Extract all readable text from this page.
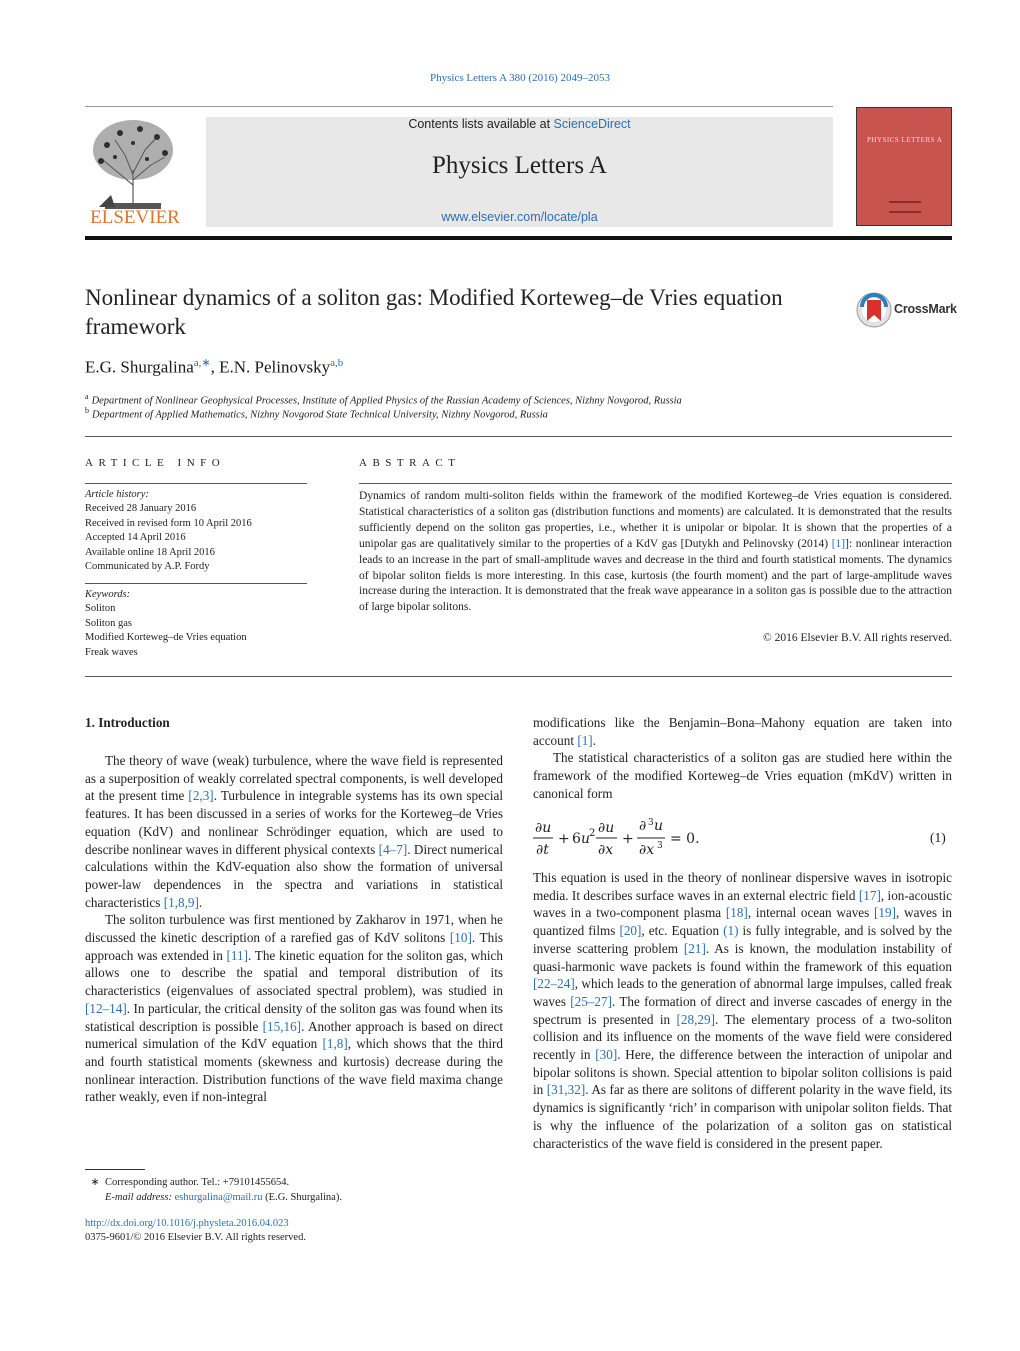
Physics Letters A 380 (2016) 2049–2053
ELSEVIER
Contents lists available at ScienceDirect
Physics Letters A
www.elsevier.com/locate/pla
PHYSICS LETTERS A
Nonlinear dynamics of a soliton gas: Modified Korteweg–de Vries equation framework
CrossMark
E.G. Shurgalina$^{a,∗}$, E.N. Pelinovsky$^{a,b}$
$^a$ Department of Nonlinear Geophysical Processes, Institute of Applied Physics of the Russian Academy of Sciences, Nizhny Novgorod, Russia
$^b$ Department of Applied Mathematics, Nizhny Novgorod State Technical University, Nizhny Novgorod, Russia
ARTICLE INFO	ABSTRACT
Article history:
Received 28 January 2016
Received in revised form 10 April 2016
Accepted 14 April 2016
Available online 18 April 2016
Communicated by A.P. Fordy
Keywords:
Soliton
Soliton gas
Modified Korteweg–de Vries equation
Freak waves
Dynamics of random multi-soliton fields within the framework of the modified Korteweg–de Vries equation is considered. Statistical characteristics of a soliton gas (distribution functions and moments) are calculated. It is demonstrated that the results sufficiently depend on the soliton gas properties, i.e., whether it is unipolar or bipolar. It is shown that the properties of a unipolar gas are qualitatively similar to the properties of a KdV gas [Dutykh and Pelinovsky (2014) [1]]: nonlinear interaction leads to an increase in the part of small-amplitude waves and decrease in the third and fourth statistical moments. The dynamics of bipolar soliton fields is more interesting. In this case, kurtosis (the fourth moment) and the part of large-amplitude waves increase during the interaction. It is demonstrated that the freak wave appearance in a soliton gas is possible due to the attraction of large bipolar solitons.
© 2016 Elsevier B.V. All rights reserved.
1. Introduction

The theory of wave (weak) turbulence, where the wave field is represented as a superposition of weakly correlated spectral components, is well developed at the present time [2,3]. Turbulence in integrable systems has its own special features. It has been discussed in a series of works for the Korteweg–de Vries equation (KdV) and nonlinear Schrödinger equation, which are used to describe nonlinear waves in different physical contexts [4–7]. Direct numerical calculations within the KdV-equation also show the formation of universal power-law dependences in the spectra and variations in statistical characteristics [1,8,9].

The soliton turbulence was first mentioned by Zakharov in 1971, when he discussed the kinetic description of a rarefied gas of KdV solitons [10]. This approach was extended in [11]. The kinetic equation for the soliton gas, which allows one to describe the spatial and temporal distribution of its characteristics (eigenvalues of associated spectral problem), was studied in [12–14]. In particular, the critical density of the soliton gas was found when its statistical description is possible [15,16]. Another approach is based on direct numerical simulation of the KdV equation [1,8], which shows that the third and fourth statistical moments (skewness and kurtosis) decrease during the nonlinear interaction. Distribution functions of the wave field maxima change rather weakly, even if non-integral

modifications like the Benjamin–Bona–Mahony equation are taken into account [1].

The statistical characteristics of a soliton gas are studied here within the framework of the modified Korteweg–de Vries equation (mKdV) written in canonical form

∂u
∂t
+ 6 u
2 ∂u
∂x
+
∂ 3 u
∂x 3 = 0.	(1)

This equation is used in the theory of nonlinear dispersive waves in isotropic media. It describes surface waves in an external electric field [17], ion-acoustic waves in a two-component plasma [18], internal ocean waves [19], waves in quantized films [20], etc. Equation (1) is fully integrable, and is solved by the inverse scattering problem [21]. As is known, the modulation instability of quasi-harmonic wave packets is found within the framework of this equation [22–24], which leads to the generation of abnormal large impulses, called freak waves [25–27]. The formation of direct and inverse cascades of energy in the spectrum is presented in [28,29]. The elementary process of a two-soliton collision and its influence on the moments of the wave field were considered recently in [30]. Here, the difference between the interaction of unipolar and bipolar solitons is shown. Special attention to bipolar soliton collisions is paid in [31,32]. As far as there are solitons of different polarity in the wave field, its dynamics is significantly ‘rich’ in comparison with unipolar soliton fields. That is why the influence of the polarization of a soliton gas on statistical characteristics of the wave field is considered in the present paper.

∗ Corresponding author. Tel.: +79101455654.
E-mail address: eshurgalina@mail.ru (E.G. Shurgalina).
http://dx.doi.org/10.1016/j.physleta.2016.04.023
0375-9601/© 2016 Elsevier B.V. All rights reserved.
